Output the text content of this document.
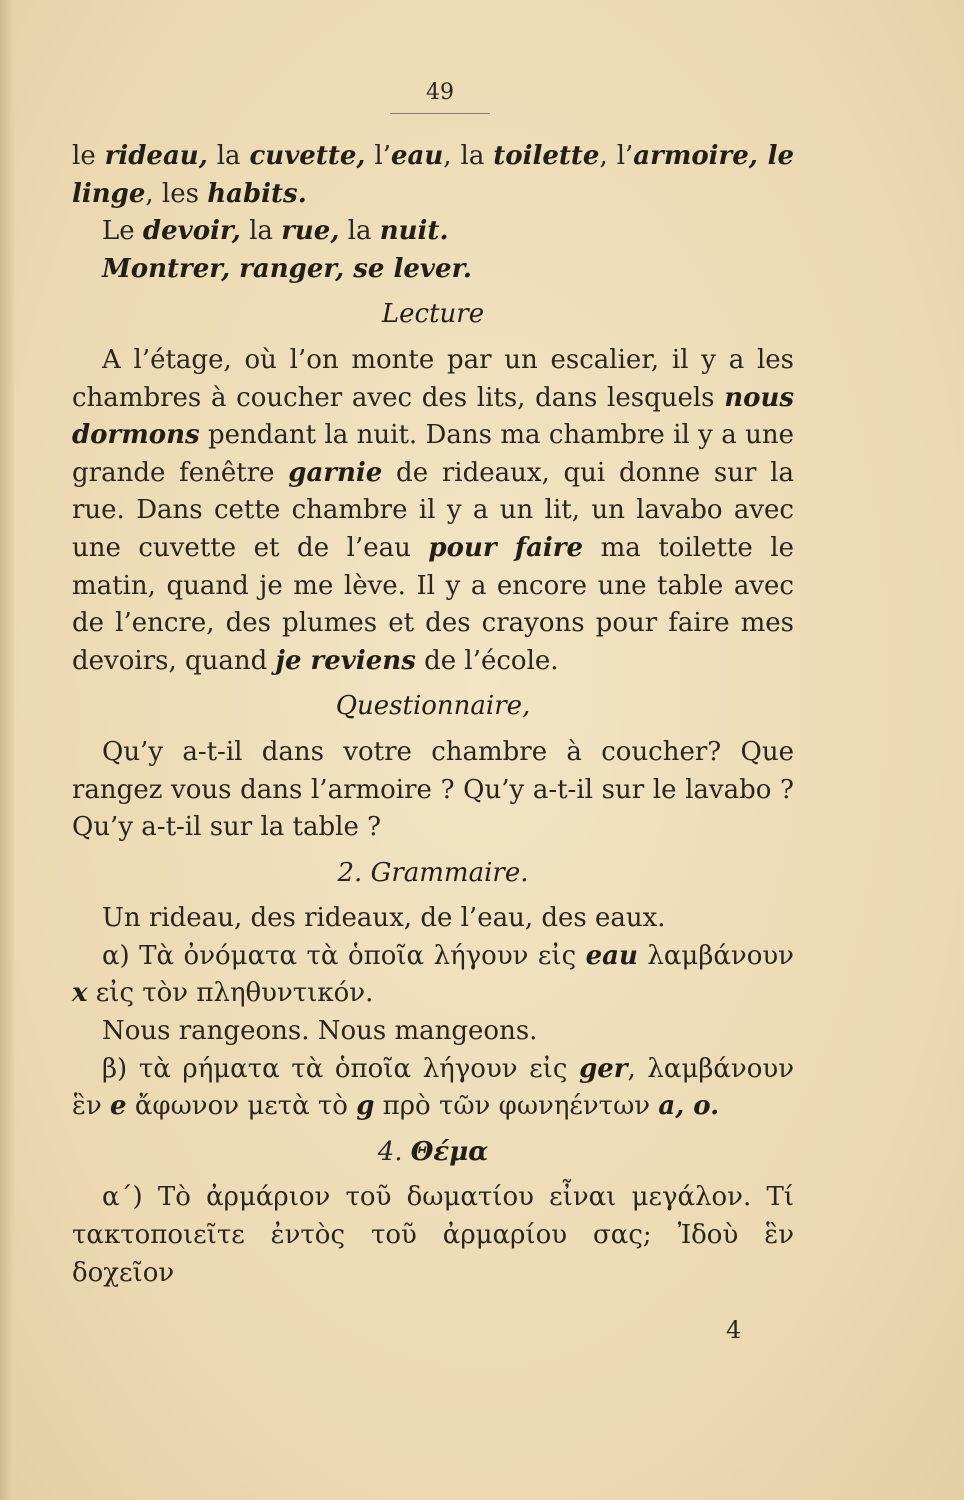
49

le rideau, la cuvette, l’eau, la toilette, l’armoire, le linge, les habits.

Le devoir, la rue, la nuit.

Montrer, ranger, se lever.

Lecture

A l’étage, où l’on monte par un escalier, il y a les chambres à coucher avec des lits, dans lesquels nous dormons pendant la nuit. Dans ma chambre il y a une grande fenêtre garnie de rideaux, qui donne sur la rue. Dans cette chambre il y a un lit, un lavabo avec une cuvette et de l’eau pour faire ma toilette le matin, quand je me lève. Il y a encore une table avec de l’encre, des plumes et des crayons pour faire mes devoirs, quand je reviens de l’école.

Questionnaire,

Qu’y a-t-il dans votre chambre à coucher? Que rangez vous dans l’armoire ? Qu’y a-t-il sur le lavabo ? Qu’y a-t-il sur la table ?

2. Grammaire.

Un rideau, des rideaux, de l’eau, des eaux.

α) Τὰ ὀνόματα τὰ ὁποῖα λήγουν εἰς eau λαμβάνουν x εἰς τὸν πληθυντικόν.

Nous rangeons. Nous mangeons.

β) τὰ ρήματα τὰ ὁποῖα λήγουν εἰς ger, λαμβάνουν ἓν e ἄφωνον μετὰ τὸ g πρὸ τῶν φωνηέντων a, o.

4. Θέμα

α΄) Τὸ ἀρμάριον τοῦ δωματίου εἶναι μεγάλον. Τί τακτοποιεῖτε ἐντὸς τοῦ ἀρμαρίου σας; Ἰδοὺ ἓν δοχεῖον

4
